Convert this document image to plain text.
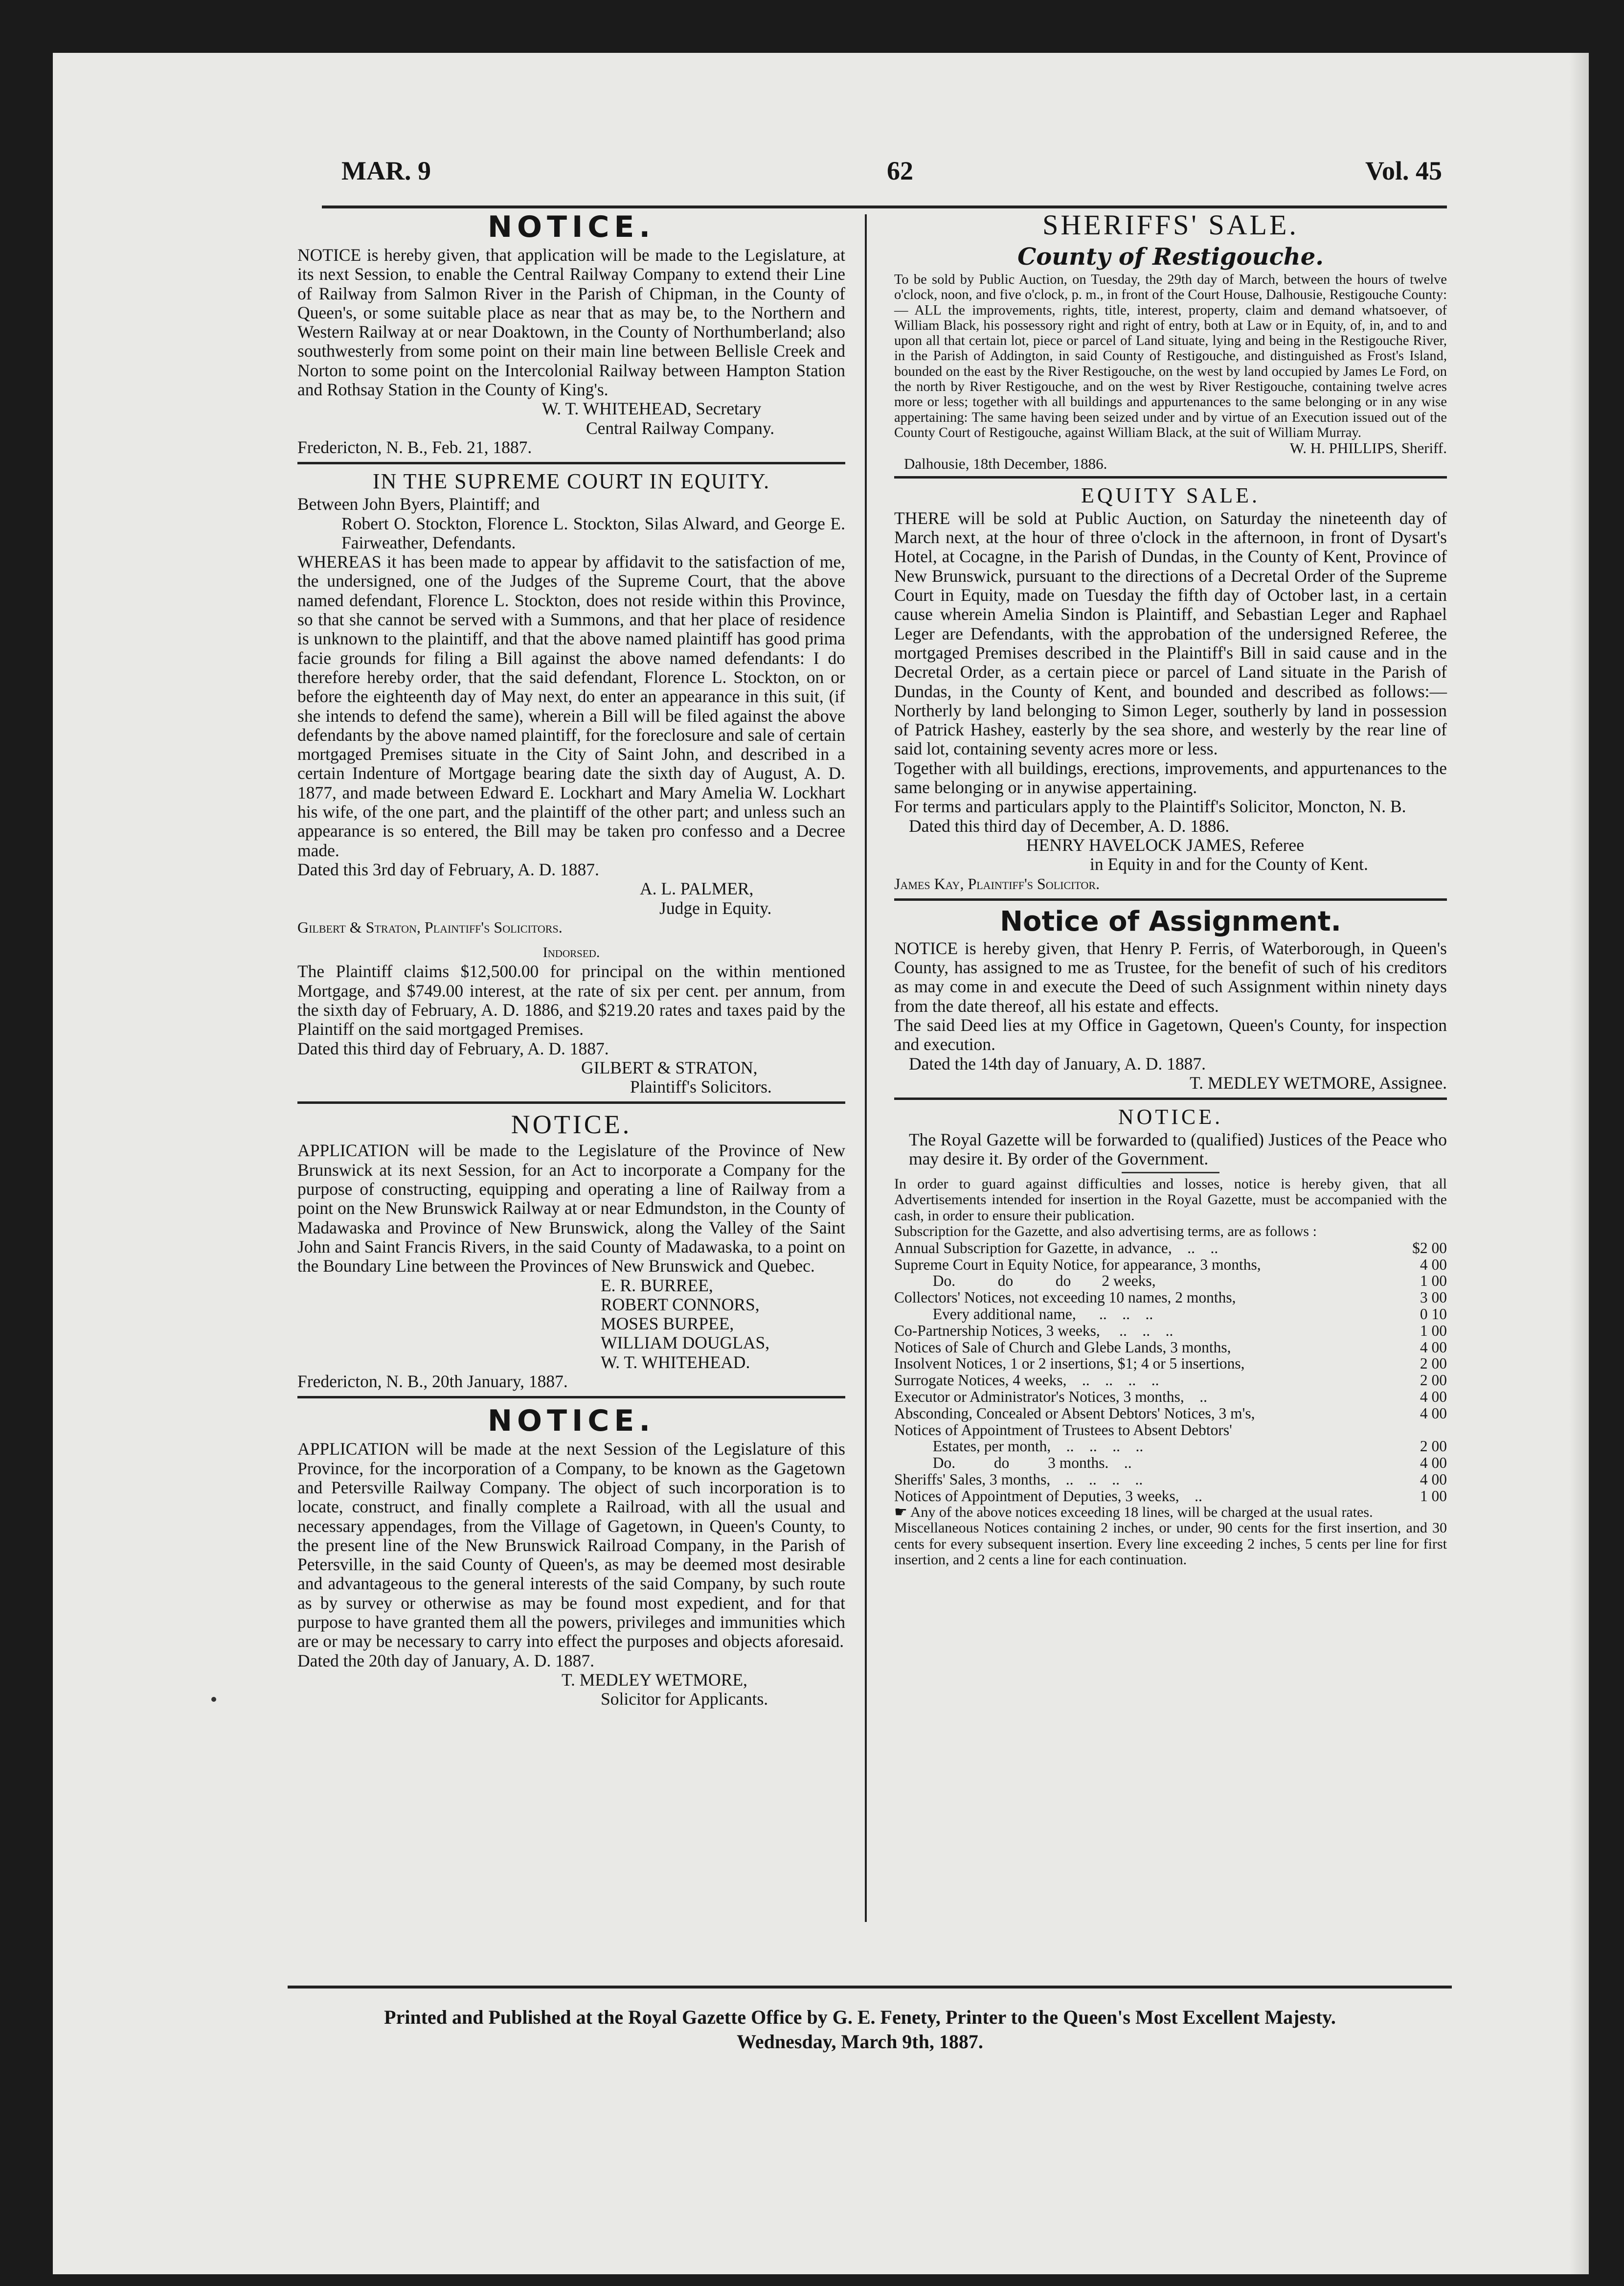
MAR. 9	62	Vol. 45

NOTICE.

NOTICE is hereby given, that application will be made to the Legislature, at its next Session, to enable the Central Railway Company to extend their Line of Railway from Salmon River in the Parish of Chipman, in the County of Queen's, or some suitable place as near that as may be, to the Northern and Western Railway at or near Doaktown, in the County of Northumberland; also southwesterly from some point on their main line between Bellisle Creek and Norton to some point on the Intercolonial Railway between Hampton Station and Rothsay Station in the County of King's.

W. T. WHITEHEAD, Secretary

Central Railway Company.

Fredericton, N. B., Feb. 21, 1887.

IN THE SUPREME COURT IN EQUITY.

Between John Byers, Plaintiff; and

Robert O. Stockton, Florence L. Stockton, Silas Alward, and George E. Fairweather, Defendants.

WHEREAS it has been made to appear by affidavit to the satisfaction of me, the undersigned, one of the Judges of the Supreme Court, that the above named defendant, Florence L. Stockton, does not reside within this Province, so that she cannot be served with a Summons, and that her place of residence is unknown to the plaintiff, and that the above named plaintiff has good prima facie grounds for filing a Bill against the above named defendants: I do therefore hereby order, that the said defendant, Florence L. Stockton, on or before the eighteenth day of May next, do enter an appearance in this suit, (if she intends to defend the same), wherein a Bill will be filed against the above defendants by the above named plaintiff, for the foreclosure and sale of certain mortgaged Premises situate in the City of Saint John, and described in a certain Indenture of Mortgage bearing date the sixth day of August, A. D. 1877, and made between Edward E. Lockhart and Mary Amelia W. Lockhart his wife, of the one part, and the plaintiff of the other part; and unless such an appearance is so entered, the Bill may be taken pro confesso and a Decree made.

Dated this 3rd day of February, A. D. 1887.

A. L. PALMER,

Judge in Equity.

Gilbert & Straton, Plaintiff's Solicitors.

Indorsed.

The Plaintiff claims $12,500.00 for principal on the within mentioned Mortgage, and $749.00 interest, at the rate of six per cent. per annum, from the sixth day of February, A. D. 1886, and $219.20 rates and taxes paid by the Plaintiff on the said mortgaged Premises.

Dated this third day of February, A. D. 1887.

GILBERT & STRATON,

Plaintiff's Solicitors.

NOTICE.

APPLICATION will be made to the Legislature of the Province of New Brunswick at its next Session, for an Act to incorporate a Company for the purpose of constructing, equipping and operating a line of Railway from a point on the New Brunswick Railway at or near Edmundston, in the County of Madawaska and Province of New Brunswick, along the Valley of the Saint John and Saint Francis Rivers, in the said County of Madawaska, to a point on the Boundary Line between the Provinces of New Brunswick and Quebec.

E. R. BURREE,

ROBERT CONNORS,

MOSES BURPEE,

WILLIAM DOUGLAS,

W. T. WHITEHEAD.

Fredericton, N. B., 20th January, 1887.

NOTICE.

APPLICATION will be made at the next Session of the Legislature of this Province, for the incorporation of a Company, to be known as the Gagetown and Petersville Railway Company. The object of such incorporation is to locate, construct, and finally complete a Railroad, with all the usual and necessary appendages, from the Village of Gagetown, in Queen's County, to the present line of the New Brunswick Railroad Company, in the Parish of Petersville, in the said County of Queen's, as may be deemed most desirable and advantageous to the general interests of the said Company, by such route as by survey or otherwise as may be found most expedient, and for that purpose to have granted them all the powers, privileges and immunities which are or may be necessary to carry into effect the purposes and objects aforesaid.

Dated the 20th day of January, A. D. 1887.

T. MEDLEY WETMORE,

Solicitor for Applicants.

SHERIFFS' SALE.

County of Restigouche.

To be sold by Public Auction, on Tuesday, the 29th day of March, between the hours of twelve o'clock, noon, and five o'clock, p. m., in front of the Court House, Dalhousie, Restigouche County:— ALL the improvements, rights, title, interest, property, claim and demand whatsoever, of William Black, his possessory right and right of entry, both at Law or in Equity, of, in, and to and upon all that certain lot, piece or parcel of Land situate, lying and being in the Restigouche River, in the Parish of Addington, in said County of Restigouche, and distinguished as Frost's Island, bounded on the east by the River Restigouche, on the west by land occupied by James Le Ford, on the north by River Restigouche, and on the west by River Restigouche, containing twelve acres more or less; together with all buildings and appurtenances to the same belonging or in any wise appertaining: The same having been seized under and by virtue of an Execution issued out of the County Court of Restigouche, against William Black, at the suit of William Murray.

W. H. PHILLIPS, Sheriff.

Dalhousie, 18th December, 1886.

EQUITY SALE.

THERE will be sold at Public Auction, on Saturday the nineteenth day of March next, at the hour of three o'clock in the afternoon, in front of Dysart's Hotel, at Cocagne, in the Parish of Dundas, in the County of Kent, Province of New Brunswick, pursuant to the directions of a Decretal Order of the Supreme Court in Equity, made on Tuesday the fifth day of October last, in a certain cause wherein Amelia Sindon is Plaintiff, and Sebastian Leger and Raphael Leger are Defendants, with the approbation of the undersigned Referee, the mortgaged Premises described in the Plaintiff's Bill in said cause and in the Decretal Order, as a certain piece or parcel of Land situate in the Parish of Dundas, in the County of Kent, and bounded and described as follows:—Northerly by land belonging to Simon Leger, southerly by land in possession of Patrick Hashey, easterly by the sea shore, and westerly by the rear line of said lot, containing seventy acres more or less.

Together with all buildings, erections, improvements, and appurtenances to the same belonging or in anywise appertaining.

For terms and particulars apply to the Plaintiff's Solicitor, Moncton, N. B.

Dated this third day of December, A. D. 1886.

HENRY HAVELOCK JAMES, Referee

in Equity in and for the County of Kent.

James Kay, Plaintiff's Solicitor.

Notice of Assignment.

NOTICE is hereby given, that Henry P. Ferris, of Waterborough, in Queen's County, has assigned to me as Trustee, for the benefit of such of his creditors as may come in and execute the Deed of such Assignment within ninety days from the date thereof, all his estate and effects.

The said Deed lies at my Office in Gagetown, Queen's County, for inspection and execution.

Dated the 14th day of January, A. D. 1887.

T. MEDLEY WETMORE, Assignee.

NOTICE.

The Royal Gazette will be forwarded to (qualified) Justices of the Peace who may desire it. By order of the Government.

In order to guard against difficulties and losses, notice is hereby given, that all Advertisements intended for insertion in the Royal Gazette, must be accompanied with the cash, in order to ensure their publication.

Subscription for the Gazette, and also advertising terms, are as follows :

Annual Subscription for Gazette, in advance,    ..    ..	$2 00
Supreme Court in Equity Notice, for appearance, 3 months,	4 00
Do.           do           do        2 weeks,	1 00
Collectors' Notices, not exceeding 10 names, 2 months,	3 00
Every additional name,      ..    ..    ..	0 10
Co-Partnership Notices, 3 weeks,     ..    ..    ..	1 00
Notices of Sale of Church and Glebe Lands, 3 months,	4 00
Insolvent Notices, 1 or 2 insertions, $1; 4 or 5 insertions,	2 00
Surrogate Notices, 4 weeks,    ..    ..    ..    ..	2 00
Executor or Administrator's Notices, 3 months,    ..	4 00
Absconding, Concealed or Absent Debtors' Notices, 3 m's,	4 00
Notices of Appointment of Trustees to Absent Debtors'	
Estates, per month,    ..    ..    ..    ..	2 00
Do.          do          3 months.    ..	4 00
Sheriffs' Sales, 3 months,    ..    ..    ..    ..	4 00
Notices of Appointment of Deputies, 3 weeks,    ..	1 00

☛ Any of the above notices exceeding 18 lines, will be charged at the usual rates.

Miscellaneous Notices containing 2 inches, or under, 90 cents for the first insertion, and 30 cents for every subsequent insertion. Every line exceeding 2 inches, 5 cents per line for first insertion, and 2 cents a line for each continuation.

Printed and Published at the Royal Gazette Office by G. E. Fenety, Printer to the Queen's Most Excellent Majesty.

Wednesday, March 9th, 1887.
